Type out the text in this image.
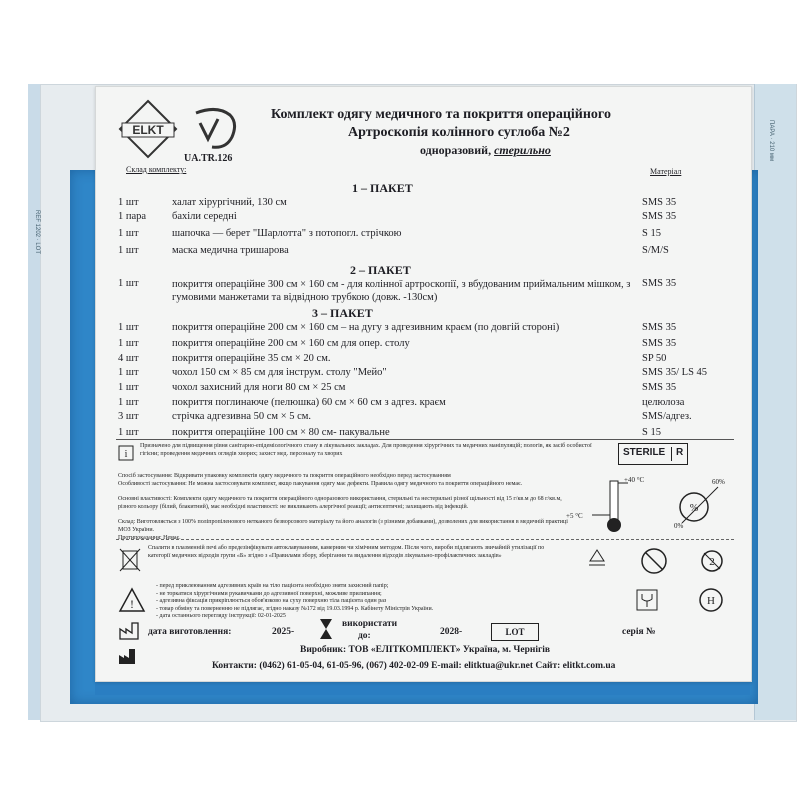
REF 1202 · LOT
ПАРА · 210 мм
ELKT
UA.TR.126
Комплект одягу медичного та покриття операційного
Артроскопія колінного суглоба №2
одноразовий, стерильно
Склад комплекту:	Матеріал
1 – ПАКЕТ
1 шт	халат хірургічний, 130 см	SMS 35
1 пара бахіли середні	SMS 35
1 шт	шапочка — берет "Шарлотта" з потопогл. стрічкою	S 15
1 шт	маска медична тришарова	S/M/S
2 – ПАКЕТ
1 шт	покриття операційне 300 см × 160 см - для колінної артроскопії, з вбудованим приймальним мішком, з гумовими манжетами та відвідною трубкою (довж. -130см)
SMS 35
3 – ПАКЕТ
1 шт	покриття операційне 200 см × 160 см – на дугу з адгезивним краєм (по довгій стороні)	SMS 35
1 шт	покриття операційне 200 см × 160 см для опер. столу	SMS 35
4 шт	покриття операційне 35 см × 20 см.	SP 50
1 шт	чохол 150 см × 85 см для інструм. столу "Мейо"	SMS 35/ LS 45
1 шт	чохол захисний для ноги 80 см × 25 см	SMS 35
1 шт	покриття поглинаюче (пелюшка) 60 см × 60 см з адгез. краєм	целюлоза
3 шт	стрічка адгезивна 50 см × 5 см.	SMS/адгез.
1 шт	покриття операційне 100 см × 80 см- пакувальне	S 15
i
Призначено для підвищення рівня санітарно-епідеміологічного стану в лікувальних закладах. Для проведення хірургічних та медичних маніпуляцій; пологів, як засіб особистої гігієни; проведення медичних оглядів хворих; захист мед. персоналу та хворих	STERILE	R
Спосіб застосування: Відкривати упаковку комплектів одягу медичного та покриття операційного необхідно перед застосуванням
Особливості застосування: Не можна застосовувати комплект, якщо пакування одягу має дефекти. Правила одягу медичного та покриття операційного немає.
Основні властивості: Комплекти одягу медичного та покриття операційного одноразового використання, стерильні та нестерильні різної щільності від 15 г/кв.м до 68 г/кв.м, різного кольору (білий, блакитний), має необхідні властивості: не викликають алергічної реакції; антисептичні; захищають від інфекцій.
Склад: Виготовляється з 100% поліпропіленового нетканого безворсового матеріалу та його аналогів (з різними добавками), дозволених для використання в медичній практиці МОЗ України.
Протипоказання: Немає.
+40 °C
+5 °C
%
60%
0%
Спалити в плазменній печі або предезінфікувати автоклавуванням, камерним чи хімічним методом. Після чого, вироби підлягають звичайній утилізації по категорії медичних відходів групи «Б» згідно з «Правилами збору, зберігання та видалення відходів лікувально-профілактичних закладів»
2
!
- перед приклеюванням адгезивних країв на тіло пацієнта необхідно зняти захисний папір;
- не торкатися хірургічними рукавичками до адгезивної поверхні, можливе прилипання;
- адгезивна фіксація прикріплюється обов'язково на суху поверхню тіла пацієнта один раз
- товар обміну та поверненню не підлягає, згідно наказу №172 від 19.03.1994 р. Кабінету Міністрів України.
- дата останнього перегляду інструкції: 02-01-2025
H
дата виготовлення:	2025-
використати
до:	2028-	LOT	серія №
Виробник: ТОВ «ЕЛІТКОМПЛЕКТ» Україна, м. Чернігів
Контакти: (0462) 61-05-04, 61-05-96, (067) 402-02-09 E-mail: elitktua@ukr.net Сайт: elitkt.com.ua
